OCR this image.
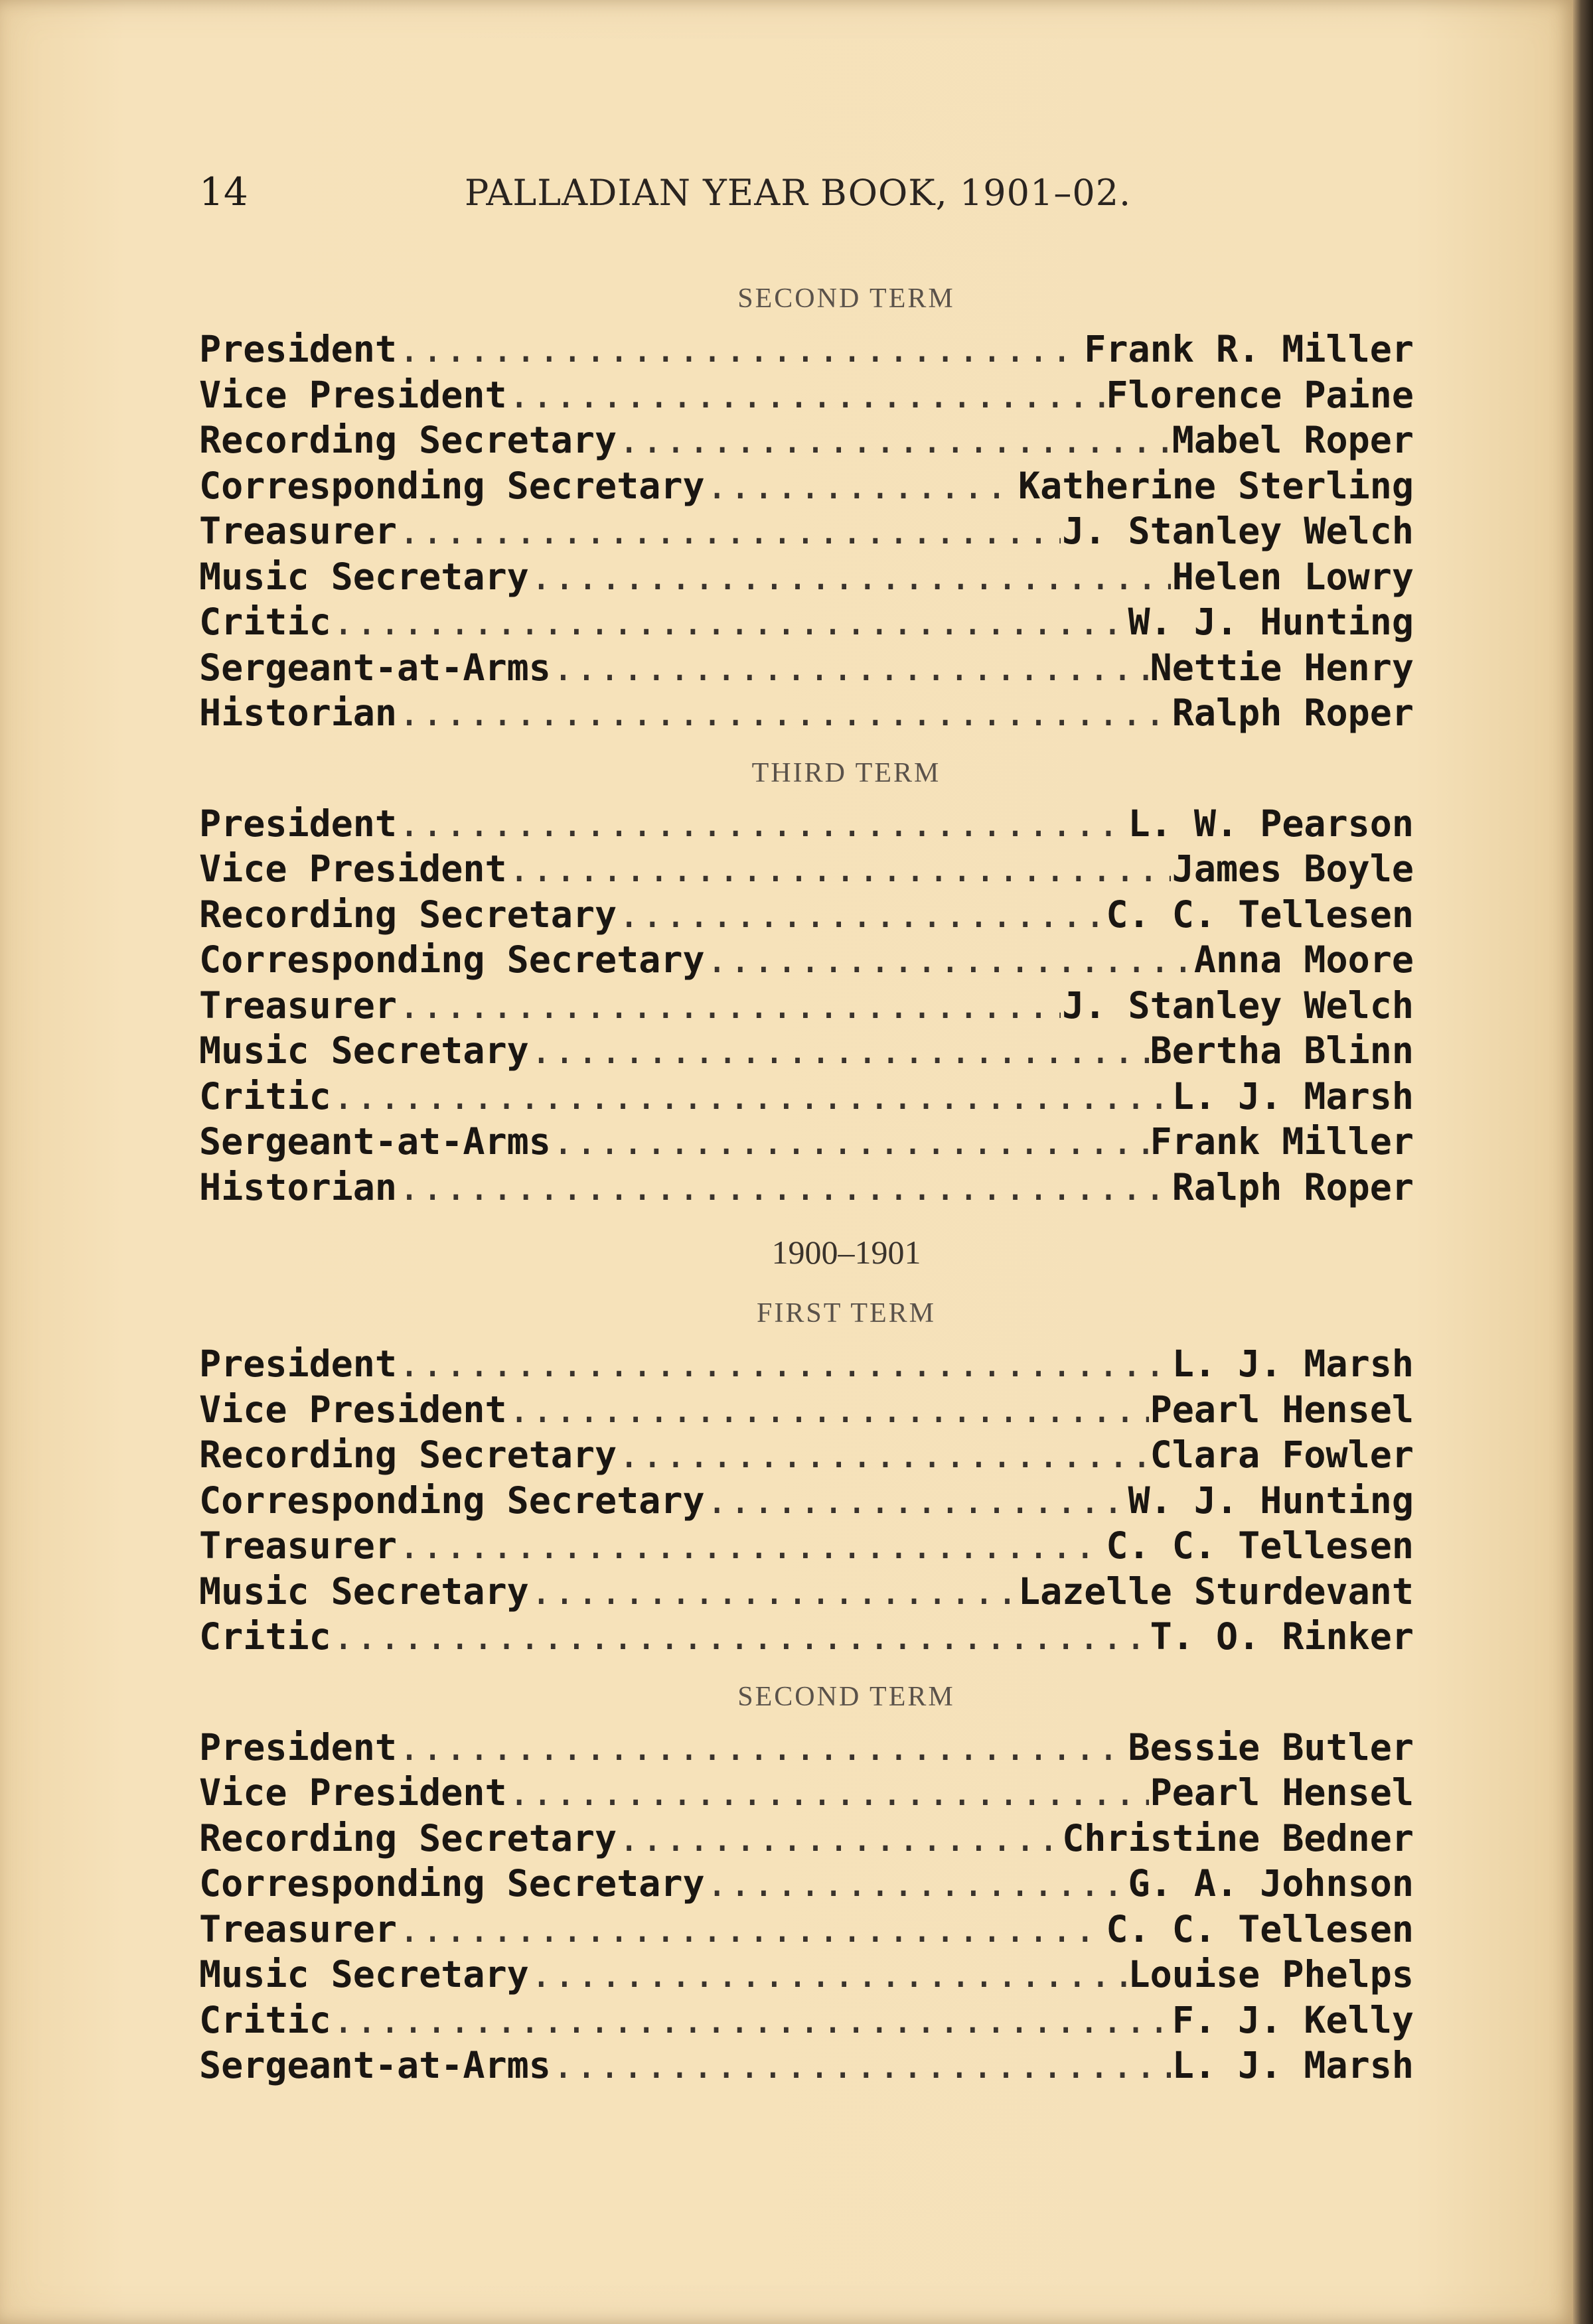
14	PALLADIAN YEAR BOOK, 1901–02.
SECOND TERM
President .....	Frank R. Miller
Vice President .....	Florence Paine
Recording Secretary .....	Mabel Roper
Corresponding Secretary .....	Katherine Sterling
Treasurer .....	J. Stanley Welch
Music Secretary .....	Helen Lowry
Critic .....	W. J. Hunting
Sergeant-at-Arms .....	Nettie Henry
Historian .....	Ralph Roper
THIRD TERM
President .....	L. W. Pearson
Vice President .....	James Boyle
Recording Secretary .....	C. C. Tellesen
Corresponding Secretary .....	Anna Moore
Treasurer .....	J. Stanley Welch
Music Secretary .....	Bertha Blinn
Critic .....	L. J. Marsh
Sergeant-at-Arms .....	Frank Miller
Historian .....	Ralph Roper
1900–1901
FIRST TERM
President .....	L. J. Marsh
Vice President .....	Pearl Hensel
Recording Secretary .....	Clara Fowler
Corresponding Secretary .....	W. J. Hunting
Treasurer .....	C. C. Tellesen
Music Secretary .....	Lazelle Sturdevant
Critic .....	T. O. Rinker
SECOND TERM
President .....	Bessie Butler
Vice President .....	Pearl Hensel
Recording Secretary .....	Christine Bedner
Corresponding Secretary .....	G. A. Johnson
Treasurer .....	C. C. Tellesen
Music Secretary .....	Louise Phelps
Critic .....	F. J. Kelly
Sergeant-at-Arms .....	L. J. Marsh
